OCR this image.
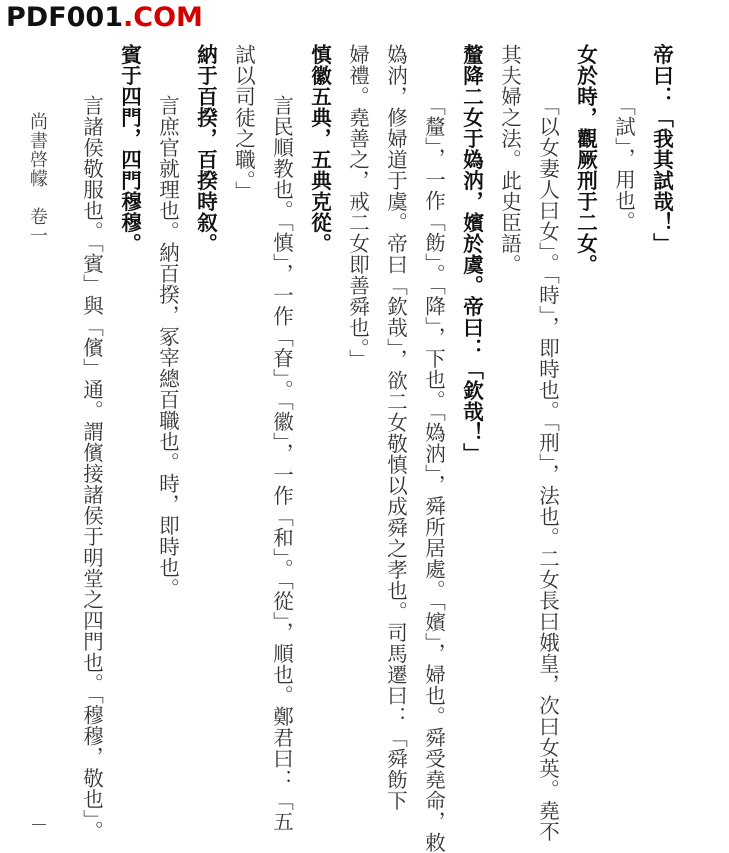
PDF001.COM
帝曰：「我其試哉！」
「試」，用也。
女於時，觀厥刑于二女。
「以女妻人曰女」。「時」，即時也。「刑」，法也。二女長曰娥皇，次曰女英。堯不
其夫婦之法。此史臣語。
釐降二女于媯汭，嬪於虞。帝曰：「欽哉！」
「釐」，一作「飭」。「降」，下也。「媯汭」，舜所居處。「嬪」，婦也。舜受堯命，敕
媯汭，修婦道于虞。帝曰「欽哉」，欲二女敬慎以成舜之孝也。司馬遷曰：「舜飭下
婦禮。堯善之，戒二女即善舜也。」
慎徽五典，五典克從。
言民順教也。「慎」，一作「眘」。「徽」，一作「和」。「從」，順也。鄭君曰：「五
試以司徒之職。」
納于百揆，百揆時叙。
言庶官就理也。納百揆，冢宰總百職也。時，即時也。
賓于四門，四門穆穆。
言諸侯敬服也。「賓」與「儐」通。謂儐接諸侯于明堂之四門也。「穆穆，敬也」。
尚書啓幪　卷一
